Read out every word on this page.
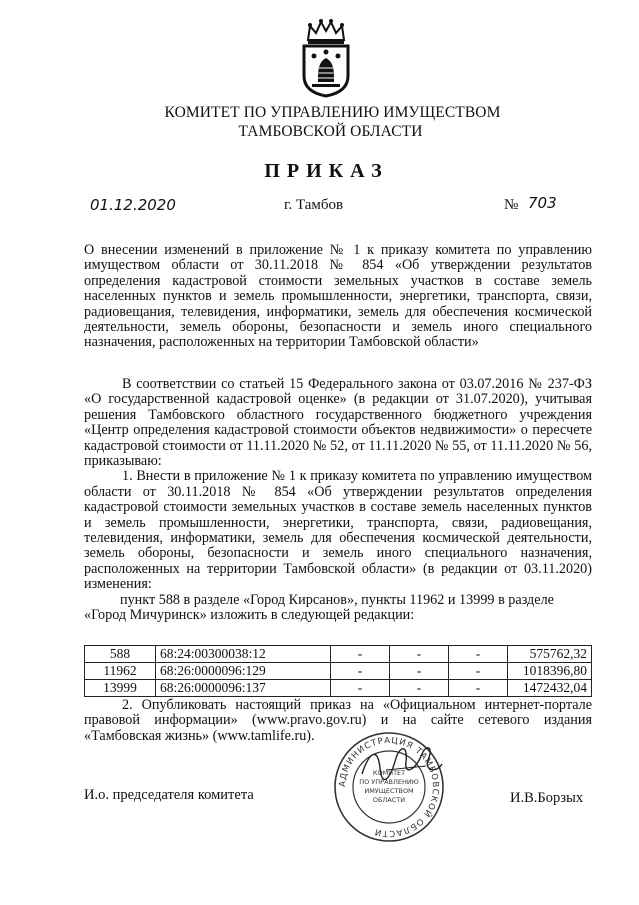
КОМИТЕТ ПО УПРАВЛЕНИЮ ИМУЩЕСТВОМ
ТАМБОВСКОЙ ОБЛАСТИ
ПРИКАЗ
01.12.2020	г. Тамбов	№ 703
О внесении изменений в приложение № 1 к приказу комитета по управлению имуществом области от 30.11.2018 № 854 «Об утверждении результатов определения кадастровой стоимости земельных участков в составе земель населенных пунктов и земель промышленности, энергетики, транспорта, связи, радиовещания, телевидения, информатики, земель для обеспечения космической деятельности, земель обороны, безопасности и земель иного специального назначения, расположенных на территории Тамбовской области»

В соответствии со статьей 15 Федерального закона от 03.07.2016 № 237-ФЗ «О государственной кадастровой оценке» (в редакции от 31.07.2020), учитывая решения Тамбовского областного государственного бюджетного учреждения «Центр определения кадастровой стоимости объектов недвижимости» о пересчете кадастровой стоимости от 11.11.2020 № 52, от 11.11.2020 № 55, от 11.11.2020 № 56, приказываю:

1. Внести в приложение № 1 к приказу комитета по управлению имуществом области от 30.11.2018 № 854 «Об утверждении результатов определения кадастровой стоимости земельных участков в составе земель населенных пунктов и земель промышленности, энергетики, транспорта, связи, радиовещания, телевидения, информатики, земель для обеспечения космической деятельности, земель обороны, безопасности и земель иного специального назначения, расположенных на территории Тамбовской области» (в редакции от 03.11.2020) изменения:

пункт 588 в разделе «Город Кирсанов», пункты 11962 и 13999 в разделе

«Город Мичуринск» изложить в следующей редакции:

588	68:24:00300038:12	-	-	-	575762,32
11962	68:26:0000096:129	-	-	-	1018396,80
13999	68:26:0000096:137	-	-	-	1472432,04

2. Опубликовать настоящий приказ на «Официальном интернет-портале правовой информации» (www.pravo.gov.ru) и на сайте сетевого издания «Тамбовская жизнь» (www.tamlife.ru).

И.о. председателя комитета
АДМИНИСТРАЦИЯ ТАМБОВСКОЙ ОБЛАСТИ
КОМИТЕТ
ПО УПРАВЛЕНИЮ
ИМУЩЕСТВОМ
ОБЛАСТИ	И.В.Борзых
